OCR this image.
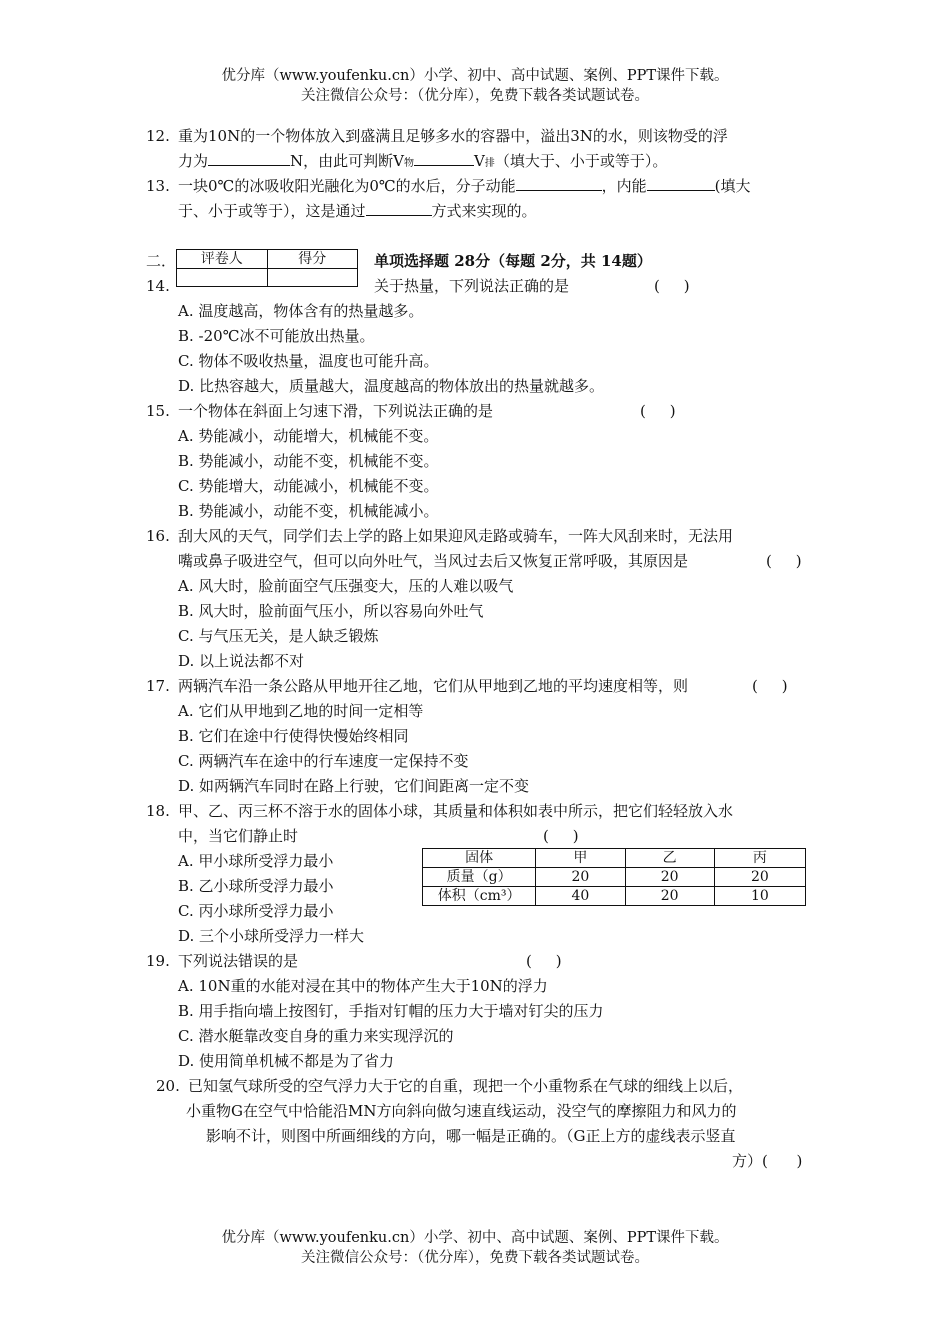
优分库（www.youfenku.cn）小学、初中、高中试题、案例、PPT课件下载。
关注微信公众号：（优分库），免费下载各类试题试卷。
12. 重为10N的一个物体放入到盛满且足够多水的容器中，溢出3N的水，则该物受的浮
力为	N，由此可判断V物	V排（填大于、小于或等于）。
13. 一块0℃的冰吸收阳光融化为0℃的水后，分子动能	，内能	(填大
于、小于或等于），这是通过	方式来实现的。
二． 评卷人	得分
		单项选择题 28分（每题 2分，共 14题）
14.	关于热量，下列说法正确的是	(     )
A. 温度越高，物体含有的热量越多。
B. -20℃冰不可能放出热量。
C. 物体不吸收热量，温度也可能升高。
D. 比热容越大，质量越大，温度越高的物体放出的热量就越多。
15. 一个物体在斜面上匀速下滑，下列说法正确的是	(     )
A. 势能减小，动能增大，机械能不变。
B. 势能减小，动能不变，机械能不变。
C. 势能增大，动能减小，机械能不变。
B. 势能减小，动能不变，机械能减小。
16. 刮大风的天气，同学们去上学的路上如果迎风走路或骑车，一阵大风刮来时，无法用
嘴或鼻子吸进空气，但可以向外吐气，当风过去后又恢复正常呼吸，其原因是	(     )
A. 风大时，脸前面空气压强变大，压的人难以吸气
B. 风大时，脸前面气压小，所以容易向外吐气
C. 与气压无关，是人缺乏锻炼
D. 以上说法都不对
17. 两辆汽车沿一条公路从甲地开往乙地，它们从甲地到乙地的平均速度相等，则	(     )
A. 它们从甲地到乙地的时间一定相等
B. 它们在途中行使得快慢始终相同
C. 两辆汽车在途中的行车速度一定保持不变
D. 如两辆汽车同时在路上行驶，它们间距离一定不变
18. 甲、乙、丙三杯不溶于水的固体小球，其质量和体积如表中所示，把它们轻轻放入水
中，当它们静止时	(     )
A. 甲小球所受浮力最小
B. 乙小球所受浮力最小
C. 丙小球所受浮力最小
D. 三个小球所受浮力一样大
固体	甲	乙	丙
质量（g）	20	20	20
体积（cm³）	40	20	10
19. 下列说法错误的是	(     )
A. 10N重的水能对浸在其中的物体产生大于10N的浮力
B. 用手指向墙上按图钉，手指对钉帽的压力大于墙对钉尖的压力
C. 潜水艇靠改变自身的重力来实现浮沉的
D. 使用简单机械不都是为了省力
20. 已知氢气球所受的空气浮力大于它的自重，现把一个小重物系在气球的细线上以后，
小重物G在空气中恰能沿MN方向斜向做匀速直线运动，没空气的摩擦阻力和风力的
影响不计，则图中所画细线的方向，哪一幅是正确的。（G正上方的虚线表示竖直
方）(      )
优分库（www.youfenku.cn）小学、初中、高中试题、案例、PPT课件下载。
关注微信公众号：（优分库），免费下载各类试题试卷。
